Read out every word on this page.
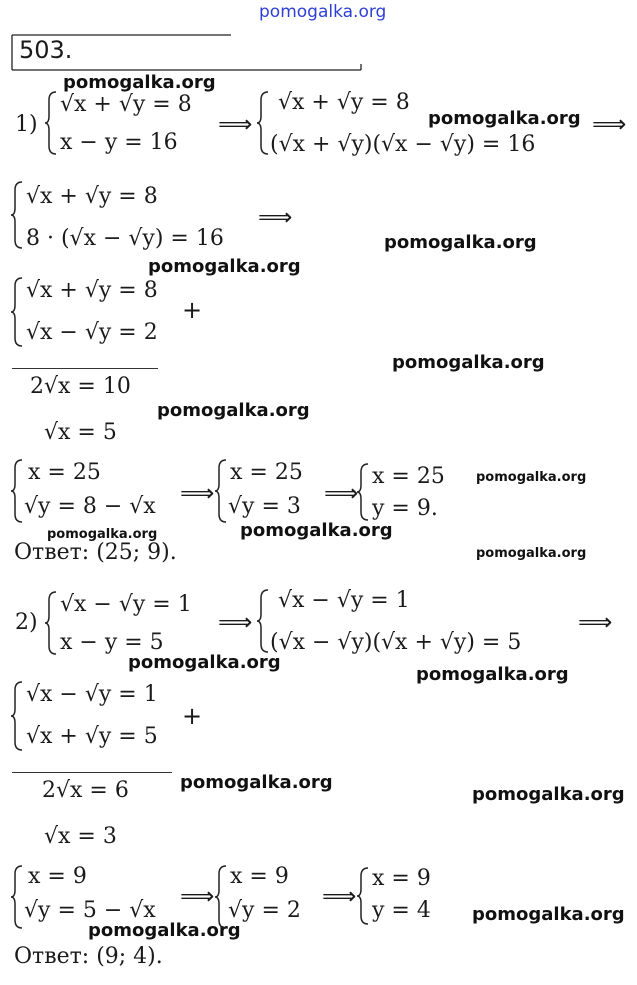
pomogalka.org
503.
pomogalka.org
pomogalka.org
pomogalka.org
pomogalka.org
pomogalka.org
pomogalka.org
pomogalka.org
pomogalka.org	pomogalka.org
pomogalka.org
pomogalka.org
pomogalka.org
pomogalka.org
pomogalka.org
pomogalka.org
pomogalka.org
1)
√x + √y = 8
x − y = 16
⟹
√x + √y = 8
(√x + √y)(√x − √y) = 16
⟹
√x + √y = 8
8 · (√x − √y) = 16
⟹
√x + √y = 8
√x − √y = 2
+
2√x = 10
√x = 5
x = 25
√y = 8 − √x ⟹
x = 25
√y = 3 ⟹
x = 25
y = 9.
Ответ: (25; 9).
2)
√x − √y = 1
x − y = 5
⟹
√x − √y = 1
(√x − √y)(√x + √y) = 5
⟹
√x − √y = 1
√x + √y = 5
+
2√x = 6
√x = 3
x = 9
√y = 5 − √x
⟹
x = 9
√y = 2
⟹
x = 9
y = 4
Ответ: (9; 4).
